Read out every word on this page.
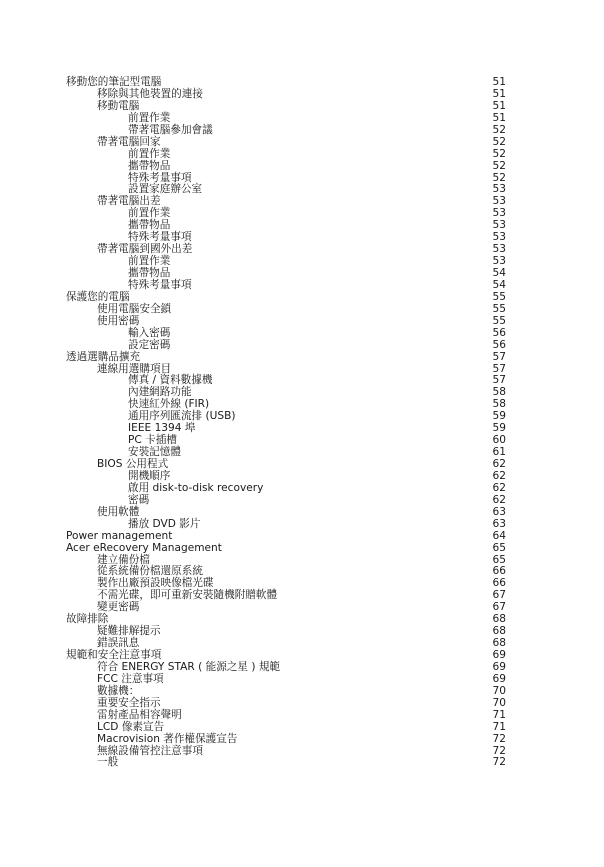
移動您的筆記型電腦	51
移除與其他裝置的連接	51
移動電腦	51
前置作業	51
帶著電腦參加會議	52
帶著電腦回家	52
前置作業	52
攜帶物品	52
特殊考量事項	52
設置家庭辦公室	53
帶著電腦出差	53
前置作業	53
攜帶物品	53
特殊考量事項	53
帶著電腦到國外出差	53
前置作業	53
攜帶物品	54
特殊考量事項	54
保護您的電腦	55
使用電腦安全鎖	55
使用密碼	55
輸入密碼	56
設定密碼	56
透過選購品擴充	57
連線用選購項目	57
傳真 / 資料數據機	57
內建網路功能	58
快速紅外線 (FIR)	58
通用序列匯流排 (USB)	59
IEEE 1394 埠	59
PC 卡插槽	60
安裝記憶體	61
BIOS 公用程式	62
開機順序	62
啟用 disk-to-disk recovery	62
密碼	62
使用軟體	63
播放 DVD 影片	63
Power management	64
Acer eRecovery Management	65
建立備份檔	65
從系統備份檔還原系統	66
製作出廠預設映像檔光碟	66
不需光碟，即可重新安裝隨機附贈軟體	67
變更密碼	67
故障排除	68
疑難排解提示	68
錯誤訊息	68
規範和安全注意事項	69
符合 ENERGY STAR ( 能源之星 ) 規範	69
FCC 注意事項	69
數據機：	70
重要安全指示	70
雷射產品相容聲明	71
LCD 像素宣告	71
Macrovision 著作權保護宣告	72
無線設備管控注意事項	72
一般	72
